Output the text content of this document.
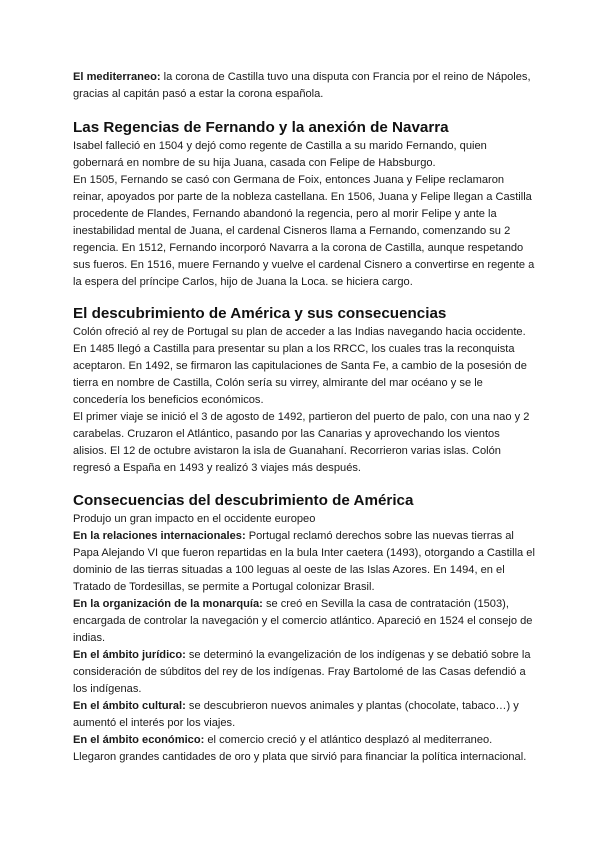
El mediterraneo: la corona de Castilla tuvo una disputa con Francia por el reino de Nápoles, gracias al capitán pasó a estar la corona española.

Las Regencias de Fernando y la anexión de Navarra

Isabel falleció en 1504 y dejó como regente de Castilla a su marido Fernando, quien gobernará en nombre de su hija Juana, casada con Felipe de Habsburgo.

En 1505, Fernando se casó con Germana de Foix, entonces Juana y Felipe reclamaron reinar, apoyados por parte de la nobleza castellana. En 1506, Juana y Felipe llegan a Castilla procedente de Flandes, Fernando abandonó la regencia, pero al morir Felipe y ante la inestabilidad mental de Juana, el cardenal Cisneros llama a Fernando, comenzando su 2 regencia. En 1512, Fernando incorporó Navarra a la corona de Castilla, aunque respetando sus fueros. En 1516, muere Fernando y vuelve el cardenal Cisnero a convertirse en regente a la espera del príncipe Carlos, hijo de Juana la Loca. se hiciera cargo.

El descubrimiento de América y sus consecuencias

Colón ofreció al rey de Portugal su plan de acceder a las Indias navegando hacia occidente.

En 1485 llegó a Castilla para presentar su plan a los RRCC, los cuales tras la reconquista aceptaron. En 1492, se firmaron las capitulaciones de Santa Fe, a cambio de la posesión de tierra en nombre de Castilla, Colón sería su virrey, almirante del mar océano y se le concedería los beneficios económicos.

El primer viaje se inició el 3 de agosto de 1492, partieron del puerto de palo, con una nao y 2 carabelas. Cruzaron el Atlántico, pasando por las Canarias y aprovechando los vientos alisios. El 12 de octubre avistaron la isla de Guanahaní. Recorrieron varias islas. Colón regresó a España en 1493 y realizó 3 viajes más después.

Consecuencias del descubrimiento de América

Produjo un gran impacto en el occidente europeo

En la relaciones internacionales: Portugal reclamó derechos sobre las nuevas tierras al Papa Alejando VI que fueron repartidas en la bula Inter caetera (1493), otorgando a Castilla el dominio de las tierras situadas a 100 leguas al oeste de las Islas Azores. En 1494, en el Tratado de Tordesillas, se permite a Portugal colonizar Brasil.

En la organización de la monarquía: se creó en Sevilla la casa de contratación (1503), encargada de controlar la navegación y el comercio atlántico. Apareció en 1524 el consejo de indias.

En el ámbito jurídico: se determinó la evangelización de los indígenas y se debatió sobre la consideración de súbditos del rey de los indígenas. Fray Bartolomé de las Casas defendió a los indígenas.

En el ámbito cultural: se descubrieron nuevos animales y plantas (chocolate, tabaco…) y aumentó el interés por los viajes.

En el ámbito económico: el comercio creció y el atlántico desplazó al mediterraneo. Llegaron grandes cantidades de oro y plata que sirvió para financiar la política internacional.
